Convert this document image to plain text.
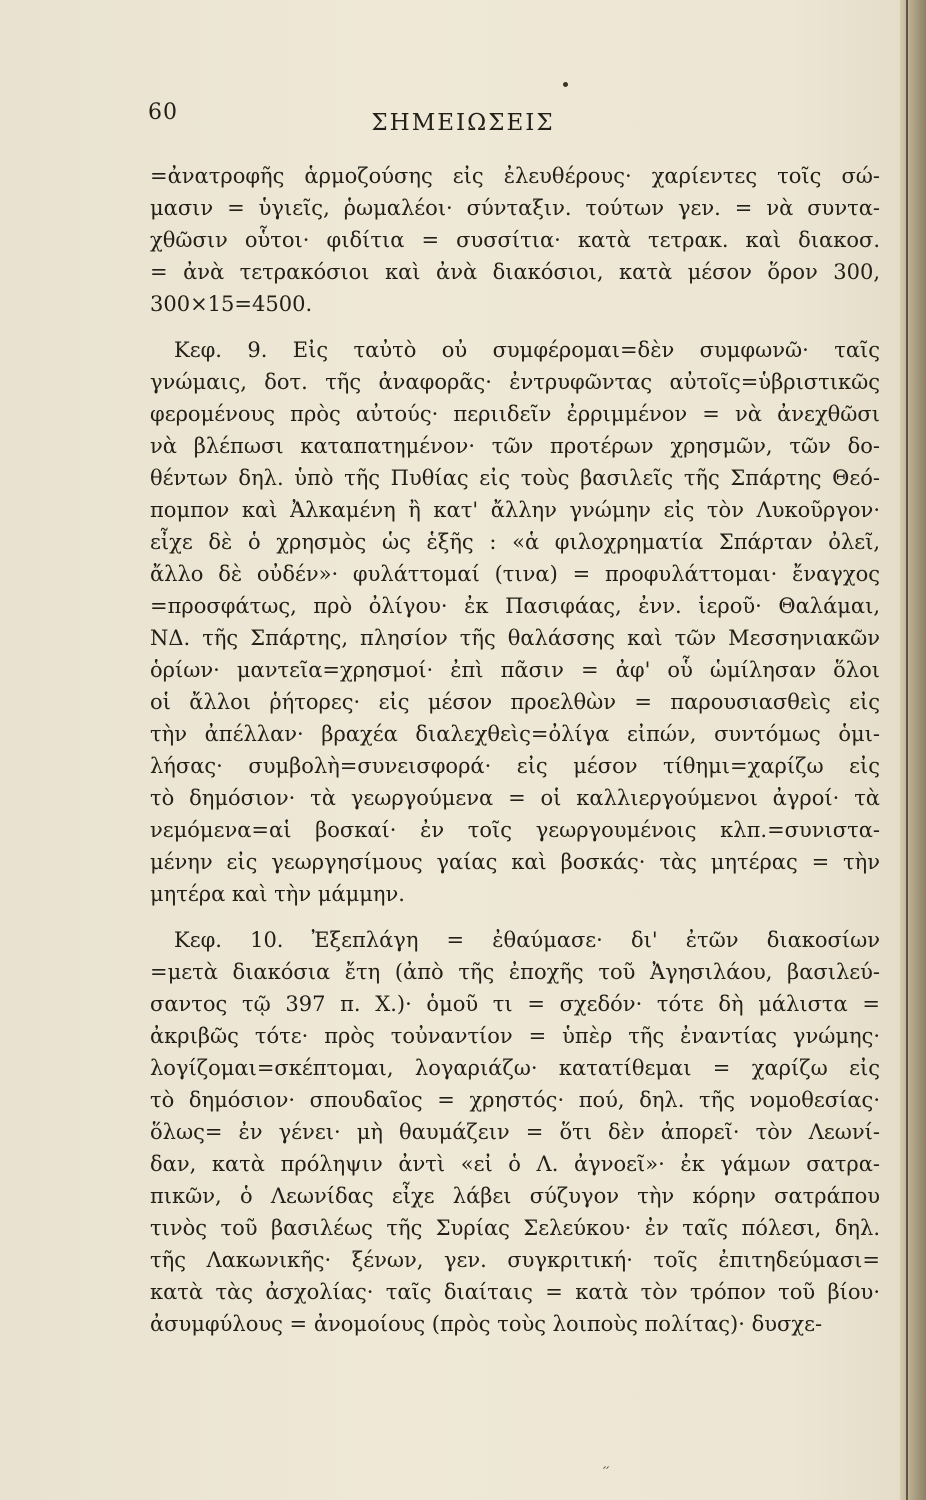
60	ΣΗΜΕΙΩΣΕΙΣ
=ἀνατροφῆς ἁρμοζούσης εἰς ἐλευθέρους· χαρίεντες τοῖς σώ-
μασιν = ὑγιεῖς, ῥωμαλέοι· σύνταξιν. τούτων γεν. = νὰ συντα-
χθῶσιν οὗτοι· φιδίτια = συσσίτια· κατὰ τετρακ. καὶ διακοσ.
= ἀνὰ τετρακόσιοι καὶ ἀνὰ διακόσιοι, κατὰ μέσον ὅρον 300,
300×15=4500.
Κεφ. 9. Εἰς ταὐτὸ οὐ συμφέρομαι=δὲν συμφωνῶ· ταῖς
γνώμαις, δοτ. τῆς ἀναφορᾶς· ἐντρυφῶντας αὐτοῖς=ὑβριστικῶς
φερομένους πρὸς αὐτούς· περιιδεῖν ἐρριμμένον = νὰ ἀνεχθῶσι
νὰ βλέπωσι καταπατημένον· τῶν προτέρων χρησμῶν, τῶν δο-
θέντων δηλ. ὑπὸ τῆς Πυθίας εἰς τοὺς βασιλεῖς τῆς Σπάρτης Θεό-
πομπον καὶ Ἀλκαμένη ἢ κατ' ἄλλην γνώμην εἰς τὸν Λυκοῦργον·
εἶχε δὲ ὁ χρησμὸς ὡς ἑξῆς : «ἁ φιλοχρηματία Σπάρταν ὀλεῖ,
ἄλλο δὲ οὐδέν»· φυλάττομαί (τινα) = προφυλάττομαι· ἔναγχος
=προσφάτως, πρὸ ὀλίγου· ἐκ Πασιφάας, ἐνν. ἱεροῦ· Θαλάμαι,
ΝΔ. τῆς Σπάρτης, πλησίον τῆς θαλάσσης καὶ τῶν Μεσσηνιακῶν
ὁρίων· μαντεῖα=χρησμοί· ἐπὶ πᾶσιν = ἀφ' οὗ ὡμίλησαν ὅλοι
οἱ ἄλλοι ῥήτορες· εἰς μέσον προελθὼν = παρουσιασθεὶς εἰς
τὴν ἀπέλλαν· βραχέα διαλεχθεὶς=ὀλίγα εἰπών, συντόμως ὁμι-
λήσας· συμβολὴ=συνεισφορά· εἰς μέσον τίθημι=χαρίζω εἰς
τὸ δημόσιον· τὰ γεωργούμενα = οἱ καλλιεργούμενοι ἀγροί· τὰ
νεμόμενα=αἱ βοσκαί· ἐν τοῖς γεωργουμένοις κλπ.=συνιστα-
μένην εἰς γεωργησίμους γαίας καὶ βοσκάς· τὰς μητέρας = τὴν
μητέρα καὶ τὴν μάμμην.
Κεφ. 10. Ἐξεπλάγη = ἐθαύμασε· δι' ἐτῶν διακοσίων
=μετὰ διακόσια ἔτη (ἀπὸ τῆς ἐποχῆς τοῦ Ἀγησιλάου, βασιλεύ-
σαντος τῷ 397 π. Χ.)· ὁμοῦ τι = σχεδόν· τότε δὴ μάλιστα =
ἀκριβῶς τότε· πρὸς τοὐναντίον = ὑπὲρ τῆς ἐναντίας γνώμης·
λογίζομαι=σκέπτομαι, λογαριάζω· κατατίθεμαι = χαρίζω εἰς
τὸ δημόσιον· σπουδαῖος = χρηστός· πού, δηλ. τῆς νομοθεσίας·
ὅλως= ἐν γένει· μὴ θαυμάζειν = ὅτι δὲν ἀπορεῖ· τὸν Λεωνί-
δαν, κατὰ πρόληψιν ἀντὶ «εἰ ὁ Λ. ἀγνοεῖ»· ἐκ γάμων σατρα-
πικῶν, ὁ Λεωνίδας εἶχε λάβει σύζυγον τὴν κόρην σατράπου
τινὸς τοῦ βασιλέως τῆς Συρίας Σελεύκου· ἐν ταῖς πόλεσι, δηλ.
τῆς Λακωνικῆς· ξένων, γεν. συγκριτική· τοῖς ἐπιτηδεύμασι=
κατὰ τὰς ἀσχολίας· ταῖς διαίταις = κατὰ τὸν τρόπον τοῦ βίου·
ἀσυμφύλους = ἀνομοίους (πρὸς τοὺς λοιποὺς πολίτας)· δυσχε-
′′
